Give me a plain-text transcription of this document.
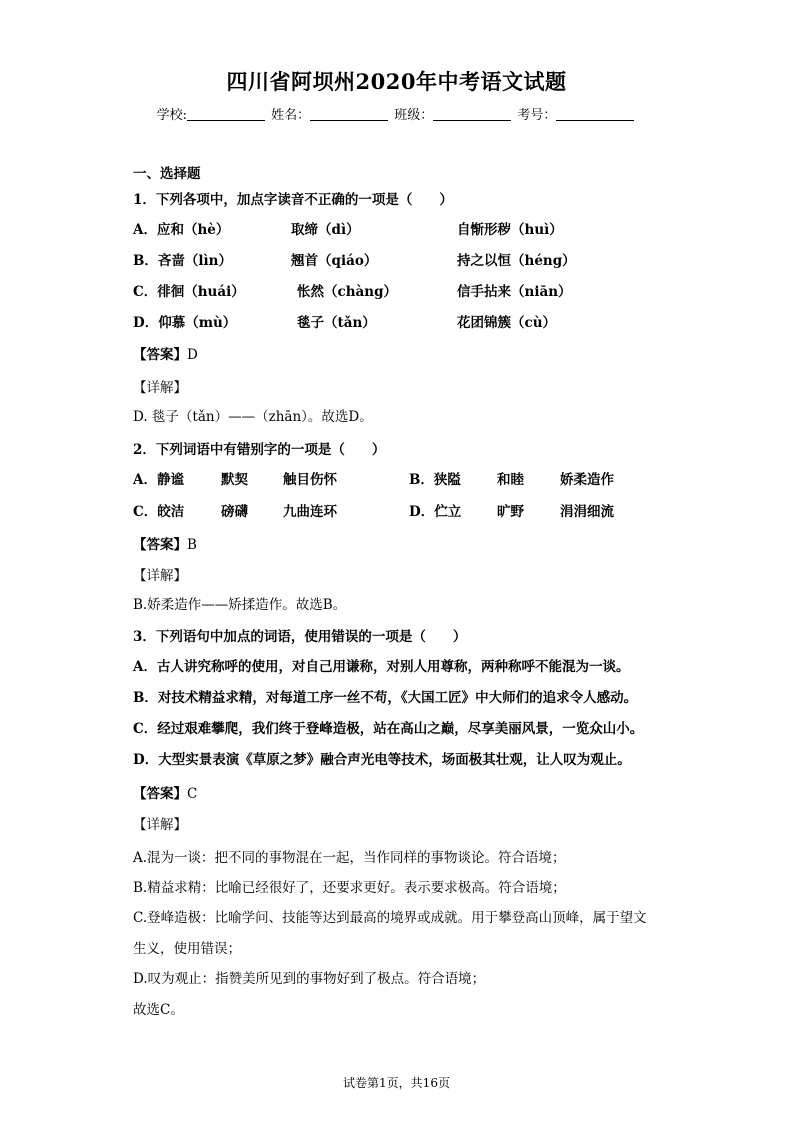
四川省阿坝州2020年中考语文试题
学校:	姓名：	班级：	考号：
一、选择题
1．下列各项中，加点字读音不正确的一项是（　　）
A．应和（hè）	取缔（dì）	自惭形秽（huì）
B．吝啬（lìn）	翘首（qiáo）	持之以恒（héng）
C．徘徊（huái）	怅然（chàng）	信手拈来（niān）
D．仰慕（mù）	毯子（tǎn）	花团锦簇（cù）
【答案】D
【详解】
D. 毯子（tǎn）——（zhān）。故选D。
2．下列词语中有错别字的一项是（　　）
A．静谧	默契	触目伤怀	B．狭隘	和睦	娇柔造作
C．皎洁	磅礴	九曲连环	D．伫立	旷野	涓涓细流
【答案】B
【详解】
B.娇柔造作——矫揉造作。故选B。
3．下列语句中加点的词语，使用错误的一项是（　　）
A．古人讲究称呼的使用，对自己用谦称，对别人用尊称，两种称呼不能混为一谈。
B．对技术精益求精，对每道工序一丝不苟，《大国工匠》中大师们的追求令人感动。
C．经过艰难攀爬，我们终于登峰造极，站在高山之巅，尽享美丽风景，一览众山小。
D．大型实景表演《草原之梦》融合声光电等技术，场面极其壮观，让人叹为观止。
【答案】C
【详解】
A.混为一谈：把不同的事物混在一起，当作同样的事物谈论。符合语境；
B.精益求精：比喻已经很好了，还要求更好。表示要求极高。符合语境；
C.登峰造极：比喻学问、技能等达到最高的境界或成就。用于攀登高山顶峰，属于望文
生义，使用错误；
D.叹为观止：指赞美所见到的事物好到了极点。符合语境；
故选C。
试卷第1页，共16页
